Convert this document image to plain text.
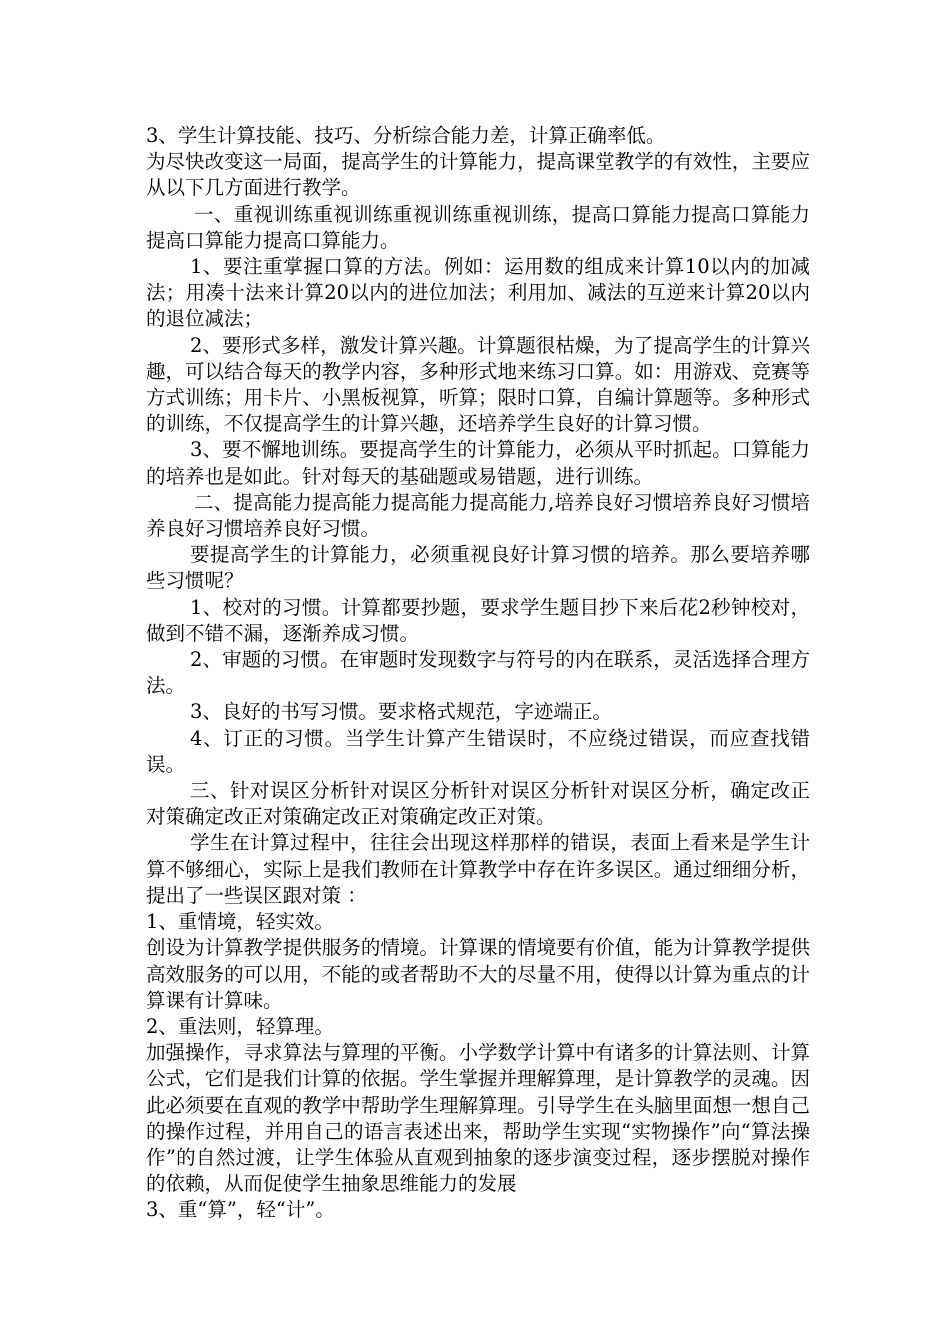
3、学生计算技能、技巧、分析综合能力差，计算正确率低。

为尽快改变这一局面，提高学生的计算能力，提高课堂教学的有效性，主要应从以下几方面进行教学。

一、重视训练重视训练重视训练重视训练，提高口算能力提高口算能力提高口算能力提高口算能力。

1、要注重掌握口算的方法。例如：运用数的组成来计算10以内的加减法；用凑十法来计算20以内的进位加法；利用加、减法的互逆来计算20以内的退位减法；

2、要形式多样，激发计算兴趣。计算题很枯燥，为了提高学生的计算兴趣，可以结合每天的教学内容，多种形式地来练习口算。如：用游戏、竞赛等方式训练；用卡片、小黑板视算，听算；限时口算，自编计算题等。多种形式的训练，不仅提高学生的计算兴趣，还培养学生良好的计算习惯。

3、要不懈地训练。要提高学生的计算能力，必须从平时抓起。口算能力的培养也是如此。针对每天的基础题或易错题，进行训练。

二、提高能力提高能力提高能力提高能力,培养良好习惯培养良好习惯培养良好习惯培养良好习惯。

要提高学生的计算能力，必须重视良好计算习惯的培养。那么要培养哪些习惯呢？

1、校对的习惯。计算都要抄题，要求学生题目抄下来后花2秒钟校对，做到不错不漏，逐渐养成习惯。

2、审题的习惯。在审题时发现数字与符号的内在联系，灵活选择合理方法。

3、良好的书写习惯。要求格式规范，字迹端正。

4、订正的习惯。当学生计算产生错误时，不应绕过错误，而应查找错误。

三、针对误区分析针对误区分析针对误区分析针对误区分析，确定改正对策确定改正对策确定改正对策确定改正对策。

学生在计算过程中，往往会出现这样那样的错误，表面上看来是学生计算不够细心，实际上是我们教师在计算教学中存在许多误区。通过细细分析，提出了一些误区跟对策 ：

1、重情境，轻实效。

创设为计算教学提供服务的情境。计算课的情境要有价值，能为计算教学提供高效服务的可以用，不能的或者帮助不大的尽量不用，使得以计算为重点的计算课有计算味。

2、重法则，轻算理。

加强操作，寻求算法与算理的平衡。小学数学计算中有诸多的计算法则、计算公式，它们是我们计算的依据。学生掌握并理解算理，是计算教学的灵魂。因此必须要在直观的教学中帮助学生理解算理。引导学生在头脑里面想一想自己的操作过程，并用自己的语言表述出来，帮助学生实现“实物操作”向“算法操作”的自然过渡，让学生体验从直观到抽象的逐步演变过程，逐步摆脱对操作的依赖，从而促使学生抽象思维能力的发展

3、重“算”，轻“计”。
